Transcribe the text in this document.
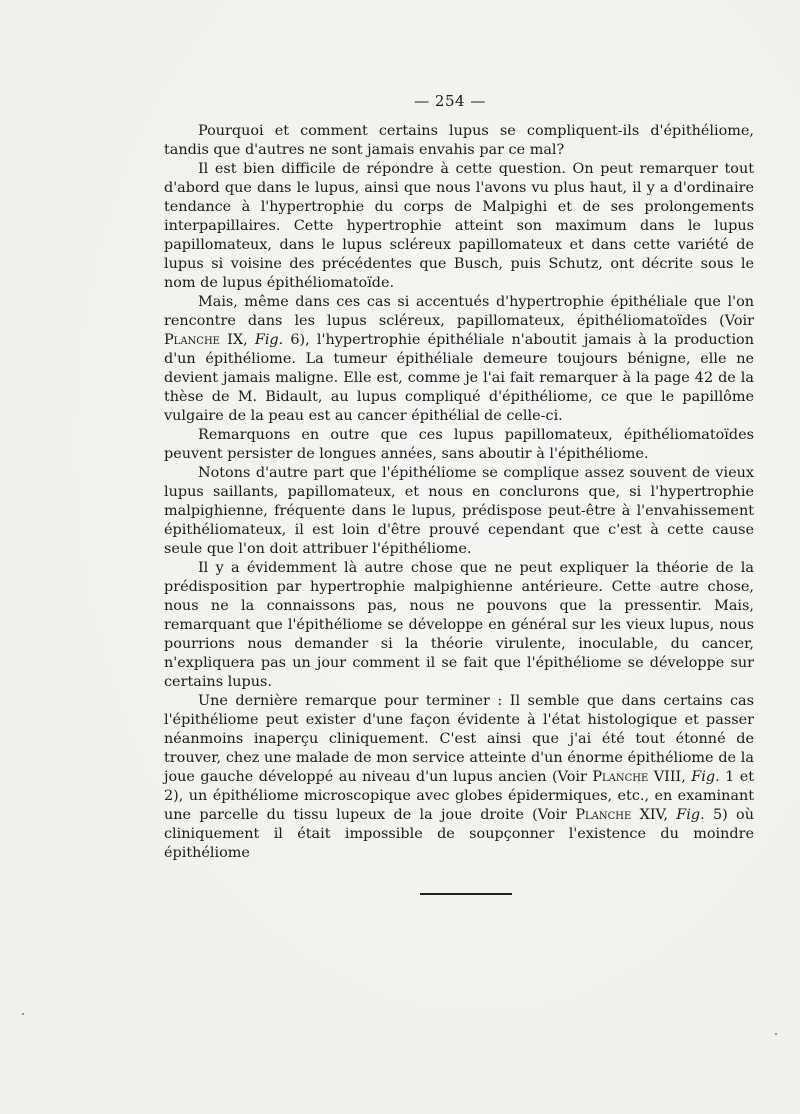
— 254 —

Pourquoi et comment certains lupus se compliquent-ils d'épithéliome, tandis que d'autres ne sont jamais envahis par ce mal?

Il est bien difficile de répondre à cette question. On peut remarquer tout d'abord que dans le lupus, ainsi que nous l'avons vu plus haut, il y a d'ordinaire tendance à l'hypertrophie du corps de Malpighi et de ses prolongements interpapillaires. Cette hypertrophie atteint son maximum dans le lupus papillomateux, dans le lupus scléreux papillomateux et dans cette variété de lupus si voisine des précédentes que Busch, puis Schutz, ont décrite sous le nom de lupus épithéliomatoïde.

Mais, même dans ces cas si accentués d'hypertrophie épithéliale que l'on rencontre dans les lupus scléreux, papillomateux, épithéliomatoïdes (Voir Planche IX, Fig. 6), l'hypertrophie épithéliale n'aboutit jamais à la production d'un épithéliome. La tumeur épithéliale demeure toujours bénigne, elle ne devient jamais maligne. Elle est, comme je l'ai fait remarquer à la page 42 de la thèse de M. Bidault, au lupus compliqué d'épithéliome, ce que le papillôme vulgaire de la peau est au cancer épithélial de celle-ci.

Remarquons en outre que ces lupus papillomateux, épithéliomatoïdes peuvent persister de longues années, sans aboutir à l'épithéliome.

Notons d'autre part que l'épithéliome se complique assez souvent de vieux lupus saillants, papillomateux, et nous en conclurons que, si l'hypertrophie malpighienne, fréquente dans le lupus, prédispose peut-être à l'envahissement épithéliomateux, il est loin d'être prouvé cependant que c'est à cette cause seule que l'on doit attribuer l'épithéliome.

Il y a évidemment là autre chose que ne peut expliquer la théorie de la prédisposition par hypertrophie malpighienne antérieure. Cette autre chose, nous ne la connaissons pas, nous ne pouvons que la pressentir. Mais, remarquant que l'épithéliome se développe en général sur les vieux lupus, nous pourrions nous demander si la théorie virulente, inoculable, du cancer, n'expliquera pas un jour comment il se fait que l'épithéliome se développe sur certains lupus.

Une dernière remarque pour terminer : Il semble que dans certains cas l'épithéliome peut exister d'une façon évidente à l'état histologique et passer néanmoins inaperçu cliniquement. C'est ainsi que j'ai été tout étonné de trouver, chez une malade de mon service atteinte d'un énorme épithéliome de la joue gauche développé au niveau d'un lupus ancien (Voir Planche VIII, Fig. 1 et 2), un épithéliome microscopique avec globes épidermiques, etc., en examinant une parcelle du tissu lupeux de la joue droite (Voir Planche XIV, Fig. 5) où cliniquement il était impossible de soupçonner l'existence du moindre épithéliome
